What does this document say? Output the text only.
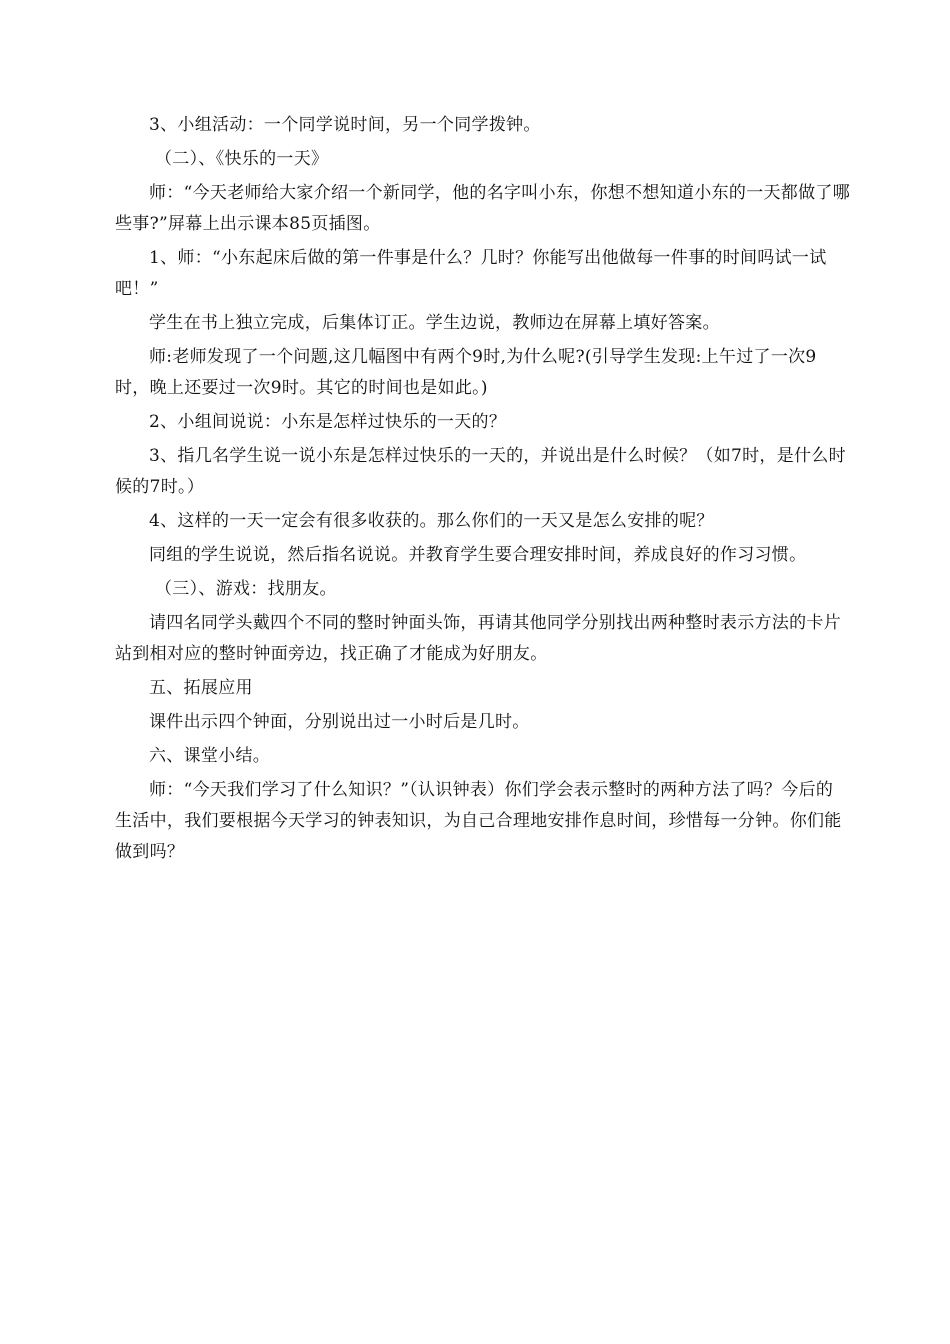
3、小组活动：一个同学说时间，另一个同学拨钟。

（二）、《快乐的一天》

师：“今天老师给大家介绍一个新同学，他的名字叫小东，你想不想知道小东的一天都做了哪些事?”屏幕上出示课本85页插图。

1、师：“小东起床后做的第一件事是什么？几时？你能写出他做每一件事的时间吗试一试吧！”

学生在书上独立完成，后集体订正。学生边说，教师边在屏幕上填好答案。

师:老师发现了一个问题,这几幅图中有两个9时,为什么呢?(引导学生发现:上午过了一次9时，晚上还要过一次9时。其它的时间也是如此。)

2、小组间说说：小东是怎样过快乐的一天的？

3、指几名学生说一说小东是怎样过快乐的一天的，并说出是什么时候？（如7时，是什么时候的7时。）

4、这样的一天一定会有很多收获的。那么你们的一天又是怎么安排的呢？

同组的学生说说，然后指名说说。并教育学生要合理安排时间，养成良好的作习习惯。

（三）、游戏：找朋友。

请四名同学头戴四个不同的整时钟面头饰，再请其他同学分别找出两种整时表示方法的卡片站到相对应的整时钟面旁边，找正确了才能成为好朋友。

五、拓展应用

课件出示四个钟面，分别说出过一小时后是几时。

六、课堂小结。

师：“今天我们学习了什么知识？”（认识钟表）你们学会表示整时的两种方法了吗？今后的生活中，我们要根据今天学习的钟表知识，为自己合理地安排作息时间，珍惜每一分钟。你们能做到吗？
